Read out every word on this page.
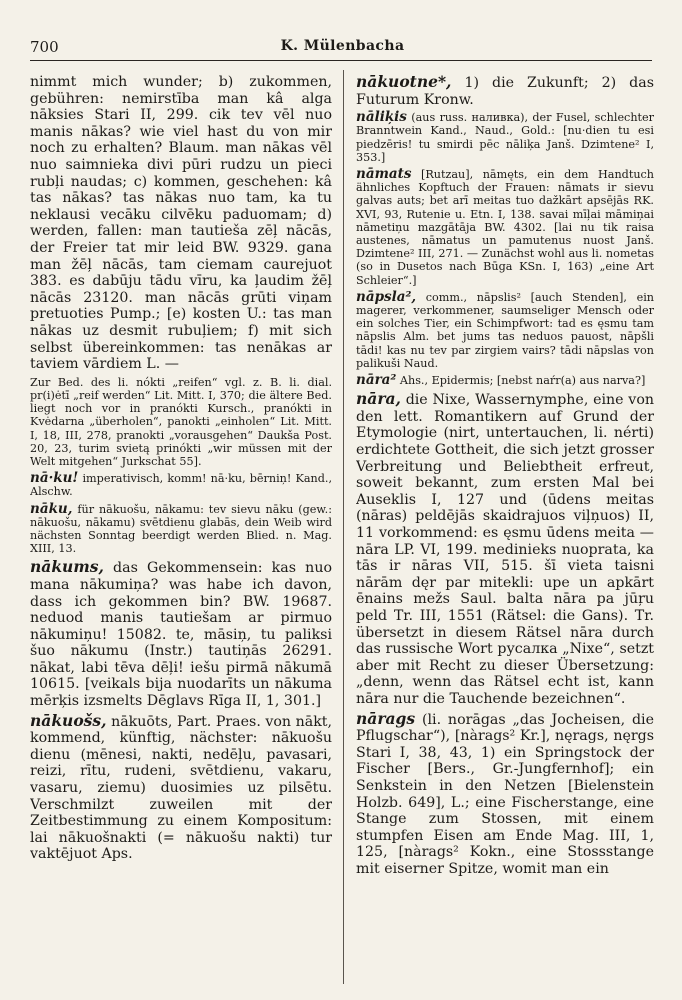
700	K. Mülenbacha

nimmt mich wunder; b) zukommen, gebühren: nemirstība man kâ alga nāksies Stari II, 299. cik tev vēl nuo manis nākas? wie viel hast du von mir noch zu erhalten? Blaum. man nākas vēl nuo saimnieka divi pūri rudzu un pieci rubļi naudas; c) kommen, geschehen: kâ tas nākas? tas nākas nuo tam, ka tu neklausi vecāku cilvēku paduomam; d) werden, fallen: man tautieša zēļ nācās, der Freier tat mir leid BW. 9329. gana man žēļ nācās, tam ciemam caurejuot 383. es dabūju tādu vīru, ka ļaudim žēļ nācās 23120. man nācās grūti viņam pretuoties Pump.; [e) kosten U.: tas man nākas uz desmit rubuļiem; f) mit sich selbst übereinkommen: tas nenākas ar taviem vārdiem L. —

Zur Bed. des li. nókti „reifen“ vgl. z. B. li. dial. pr(i)ėtī „reif werden“ Lit. Mitt. I, 370; die ältere Bed. liegt noch vor in pranókti Kursch., pranókti in Kvėdarna „überholen“, panokti „einholen“ Lit. Mitt. I, 18, III, 278, pranokti „vorausgehen“ Daukša Post. 20, 23, turim svietą prinókti „wir müssen mit der Welt mitgehen“ Jurkschat 55].

nā·ku! imperativisch, komm! nā·ku, bērniņ! Kand., Alschw.

nāku, für nākuošu, nākamu: tev sievu nāku (gew.: nākuošu, nākamu) svētdienu glabās, dein Weib wird nächsten Sonntag beerdigt werden Blied. n. Mag. XIII, 13.

nākums, das Gekommensein: kas nuo mana nākumiņa? was habe ich davon, dass ich gekommen bin? BW. 19687. neduod manis tautiešam ar pirmuo nākumiņu! 15082. te, māsiņ, tu paliksi šuo nākumu (Instr.) tautiņās 26291. nākat, labi tēva dēļi! iešu pirmā nākumā 10615. [veikals bija nuodarīts un nākuma mērķis izsmelts Dēglavs Rīga II, 1, 301.]

nākuošs, nākuōts, Part. Praes. von nākt, kommend, künftig, nächster: nākuošu dienu (mēnesi, nakti, nedēļu, pavasari, reizi, rītu, rudeni, svētdienu, vakaru, vasaru, ziemu) duosimies uz pilsētu. Verschmilzt zuweilen mit der Zeitbestimmung zu einem Kompositum: lai nākuošnakti (= nākuošu nakti) tur vaktējuot Aps.

nākuotne*, 1) die Zukunft; 2) das Futurum Kronw.

nāliķis (aus russ. наливка), der Fusel, schlechter Branntwein Kand., Naud., Gold.: [nu·dien tu esi piedzēris! tu smirdi pēc nāliķa Janš. Dzimtene² I, 353.]

nāmats [Rutzau], nāmęts, ein dem Handtuch ähnliches Kopftuch der Frauen: nāmats ir sievu galvas auts; bet arī meitas tuo dažkārt apsējās RK. XVI, 93, Rutenie u. Etn. I, 138. savai mīļai māmiņai nāmetiņu mazgātāja BW. 4302. [lai nu tik raisa austenes, nāmatus un pamutenus nuost Janš. Dzimtene² III, 271. — Zunächst wohl aus li. nometas (so in Dusetos nach Būga KSn. I, 163) „eine Art Schleier“.]

nāpsla², comm., nāpslis² [auch Stenden], ein magerer, verkommener, saumseliger Mensch oder ein solches Tier, ein Schimpfwort: tad es ęsmu tam nāpslis Alm. bet jums tas neduos pauost, nāpšli tādi! kas nu tev par zirgiem vairs? tādi nāpslas von palikuši Naud.

nāra² Ahs., Epidermis; [nebst naŕr(a) aus narva?]

nāra, die Nixe, Wassernymphe, eine von den lett. Romantikern auf Grund der Etymologie (nirt, untertauchen, li. nérti) erdichtete Gottheit, die sich jetzt grosser Verbreitung und Beliebtheit erfreut, soweit bekannt, zum ersten Mal bei Auseklis I, 127 und (ūdens meitas (nāras) peldējās skaidrajuos viļņuos) II, 11 vorkommend: es ęsmu ūdens meita — nāra LP. VI, 199. medinieks nuoprata, ka tās ir nāras VII, 515. šī vieta taisni nārām dęr par mitekli: upe un apkārt ēnains mežs Saul. balta nāra pa jūŗu peld Tr. III, 1551 (Rätsel: die Gans). Tr. übersetzt in diesem Rätsel nāra durch das russische Wort русалка „Nixe“, setzt aber mit Recht zu dieser Übersetzung: „denn, wenn das Rätsel echt ist, kann nāra nur die Tauchende bezeichnen“.

nārags (li. norāgas „das Jocheisen, die Pflugschar“), [nàrags² Kr.], nęrags, nęrgs Stari I, 38, 43, 1) ein Springstock der Fischer [Bers., Gr.-Jungfernhof]; ein Senkstein in den Netzen [Bielenstein Holzb. 649], L.; eine Fischerstange, eine Stange zum Stossen, mit einem stumpfen Eisen am Ende Mag. III, 1, 125, [nàrags² Kokn., eine Stossstange mit eiserner Spitze, womit man ein
